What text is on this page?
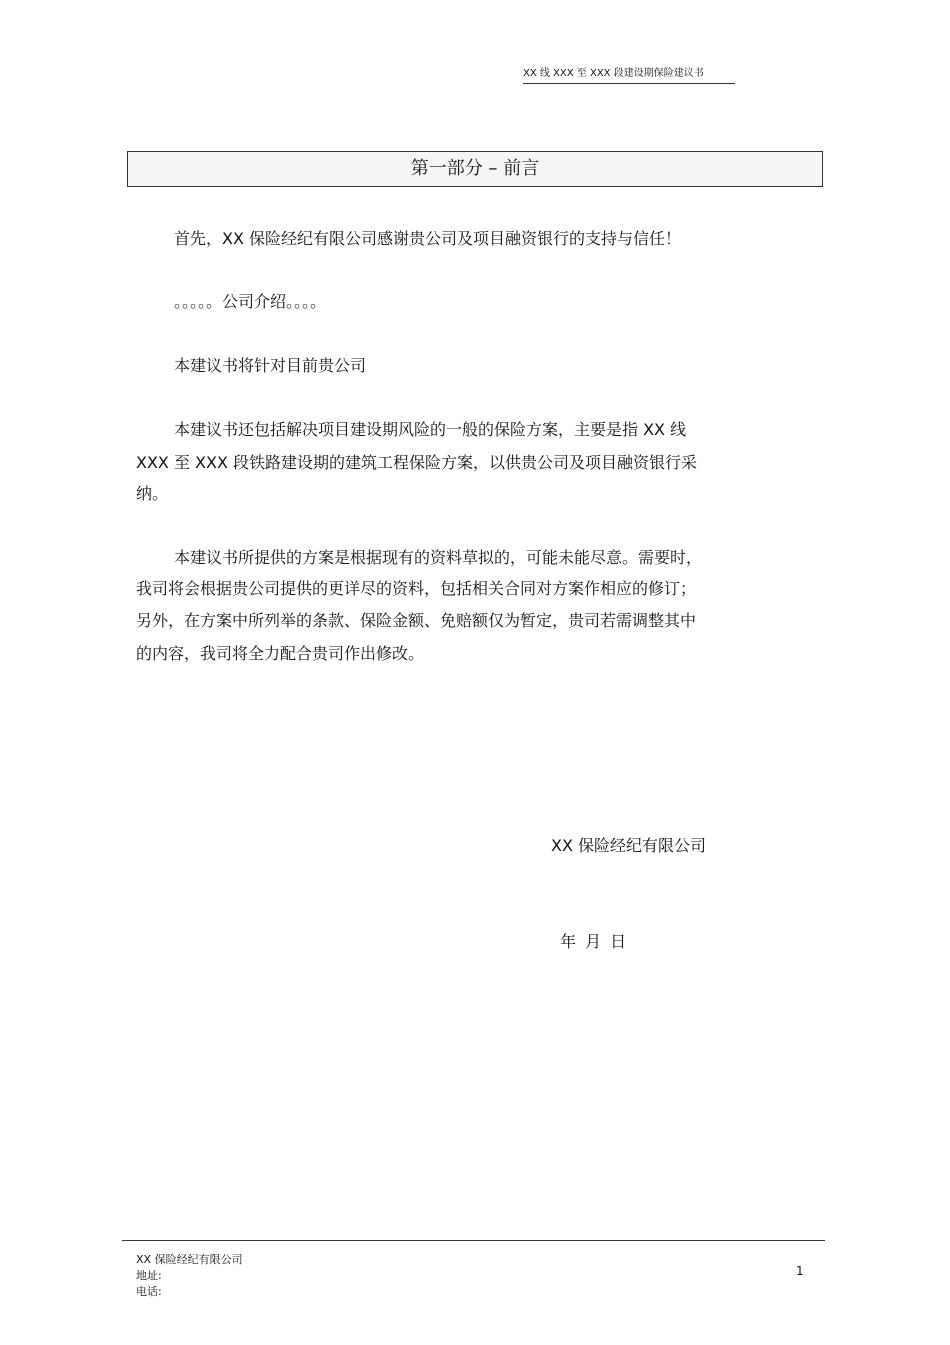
XX 线 XXX 至 XXX 段建设期保险建议书
第一部分 – 前言
首先，XX 保险经纪有限公司感谢贵公司及项目融资银行的支持与信任！
。。。。。公司介绍。。。。
本建议书将针对目前贵公司
本建议书还包括解决项目建设期风险的一般的保险方案，主要是指 XX 线
XXX 至 XXX 段铁路建设期的建筑工程保险方案，以供贵公司及项目融资银行采
纳。
本建议书所提供的方案是根据现有的资料草拟的，可能未能尽意。需要时，
我司将会根据贵公司提供的更详尽的资料，包括相关合同对方案作相应的修订；
另外，在方案中所列举的条款、保险金额、免赔额仅为暂定，贵司若需调整其中
的内容，我司将全力配合贵司作出修改。
XX 保险经纪有限公司
年 月 日
XX 保险经纪有限公司
地址:
电话:
1
